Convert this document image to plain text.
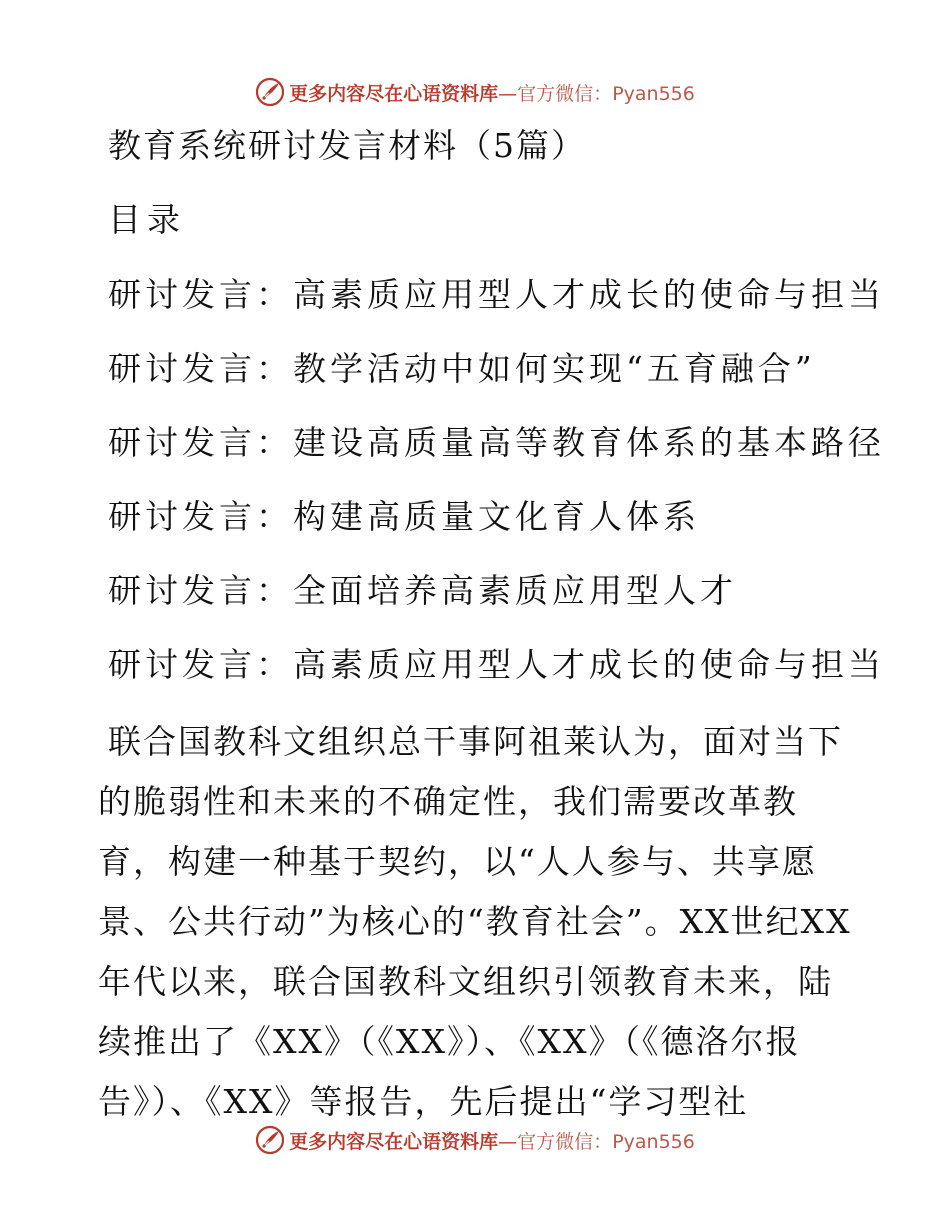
更多内容尽在心语资料库—官方微信：Pyan556
教育系统研讨发言材料（5篇）
目录
研讨发言：高素质应用型人才成长的使命与担当
研讨发言：教学活动中如何实现“五育融合”
研讨发言：建设高质量高等教育体系的基本路径
研讨发言：构建高质量文化育人体系
研讨发言：全面培养高素质应用型人才
研讨发言：高素质应用型人才成长的使命与担当

联合国教科文组织总干事阿祖莱认为，面对当下的脆弱性和未来的不确定性，我们需要改革教育，构建一种基于契约，以“人人参与、共享愿景、公共行动”为核心的“教育社会”。XX世纪XX年代以来，联合国教科文组织引领教育未来，陆续推出了《XX》（《XX》）、《XX》（《德洛尔报告》）、《XX》等报告，先后提出“学习型社

更多内容尽在心语资料库—官方微信：Pyan556
